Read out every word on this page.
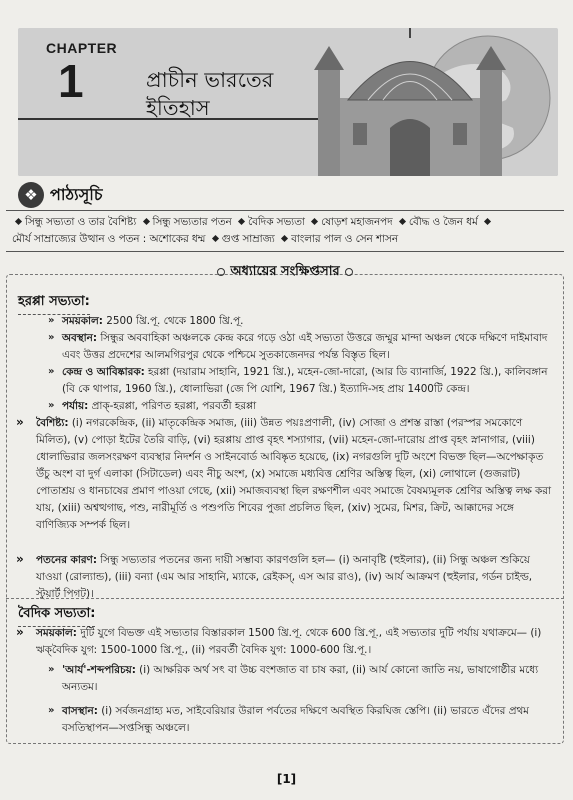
CHAPTER
1	প্রাচীন ভারতের ইতিহাস
❖ পাঠ্যসূচি
সিন্ধু সভ্যতা ও তার বৈশিষ্ট্য সিন্ধু সভ্যতার পতন বৈদিক সভ্যতা ষোড়শ মহাজনপদ বৌদ্ধ ও জৈন ধর্ম মৌর্য সাম্রাজ্যের উত্থান ও পতন : অশোকের ধম্ম গুপ্ত সাম্রাজ্য বাংলার পাল ও সেন শাসন
অধ্যায়ের সংক্ষিপ্তসার
হরপ্পা সভ্যতা:
» সময়কাল: 2500 খ্রি.পূ. থেকে 1800 খ্রি.পূ.
» অবস্থান: সিন্ধুর অববাহিকা অঞ্চলকে কেন্দ্র করে গড়ে ওঠা এই সভ্যতা উত্তরে জম্মুর মান্দা অঞ্চল থেকে দক্ষিণে দাইমাবাদ এবং উত্তর প্রদেশের আলমগিরপুর থেকে পশ্চিমে সুতকাজেনদর পর্যন্ত বিস্তৃত ছিল।
» কেন্দ্র ও আবিষ্কারক: হরপ্পা (দয়ারাম সাহানি, 1921 খ্রি.), মহেন-জো-দারো, (আর ডি ব্যানার্জি, 1922 খ্রি.), কালিবঙ্গান (বি কে থাপার, 1960 খ্রি.), ধোলাভিরা (জে পি যোশি, 1967 খ্রি.) ইত্যাদি-সহ প্রায় 1400টি কেন্দ্র।
» পর্যায়: প্রাক্-হরপ্পা, পরিণত হরপ্পা, পরবর্তী হরপ্পা
» বৈশিষ্ট্য: (i) নগরকেন্দ্রিক, (ii) মাতৃকেন্দ্রিক সমাজ, (iii) উন্নত পয়ঃপ্রণালী, (iv) সোজা ও প্রশস্ত রাস্তা (পরস্পর সমকোণে মিলিত), (v) পোড়া ইটের তৈরি বাড়ি, (vi) হরপ্পায় প্রাপ্ত বৃহৎ শস্যাগার, (vii) মহেন-জো-দারোয় প্রাপ্ত বৃহৎ স্নানাগার, (viii) ধোলাভিরার জলসংরক্ষণ ব্যবস্থার নিদর্শন ও সাইনবোর্ড আবিষ্কৃত হয়েছে, (ix) নগরগুলি দুটি অংশে বিভক্ত ছিল—অপেক্ষাকৃত উঁচু অংশ বা দুর্গ এলাকা (সিটাডেল) এবং নীচু অংশ, (x) সমাজে মধ্যবিত্ত শ্রেণির অস্তিত্ব ছিল, (xi) লোথালে (গুজরাট) পোতাশ্রয় ও ধানচাষের প্রমাণ পাওয়া গেছে, (xii) সমাজব্যবস্থা ছিল রক্ষণশীল এবং সমাজে বৈষম্যমূলক শ্রেণির অস্তিত্ব লক্ষ করা যায়, (xiii) অশ্বত্থগাছ, পশু, নারীমূর্তি ও পশুপতি শিবের পুজা প্রচলিত ছিল, (xiv) সুমের, মিশর, ক্রিট, আক্কাদের সঙ্গে বাণিজ্যিক সম্পর্ক ছিল।
» পতনের কারণ: সিন্ধু সভ্যতার পতনের জন্য দায়ী সম্ভাব্য কারণগুলি হল— (i) অনাবৃষ্টি (হুইলার), (ii) সিন্ধু অঞ্চল শুকিয়ে যাওয়া (রোল্যান্ড), (iii) বন্যা (এম আর সাহানি, ম্যাকে, রেইকস্, এস আর রাও), (iv) আর্য আক্রমণ (হুইলার, গর্ডন চাইল্ড, স্টুয়ার্ট পিগট)।
বৈদিক সভ্যতা:
» সময়কাল: দুটি যুগে বিভক্ত এই সভ্যতার বিস্তারকাল 1500 খ্রি.পূ. থেকে 600 খ্রি.পূ., এই সভ্যতার দুটি পর্যায় যথাক্রমে— (i) ঋক্‌বৈদিক যুগ: 1500-1000 খ্রি.পূ., (ii) পরবর্তী বৈদিক যুগ: 1000-600 খ্রি.পূ.।
» 'আর্য'-শব্দপরিচয়: (i) আক্ষরিক অর্থ সৎ বা উচ্চ বংশজাত বা চাষ করা, (ii) আর্য কোনো জাতি নয়, ভাষাগোষ্ঠীর মধ্যে অন্যতম।
» বাসস্থান: (i) সর্বজনগ্রাহ্য মত, সাইবেরিয়ার উরাল পর্বতের দক্ষিণে অবস্থিত কিরঘিজ স্তেপি। (ii) ভারতে এঁদের প্রথম বসতিস্থাপন—সপ্তসিন্ধু অঞ্চলে।
[1]
